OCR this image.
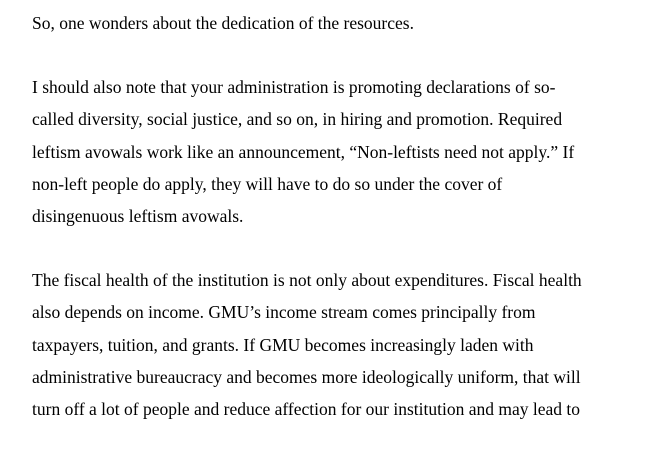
So, one wonders about the dedication of the resources.
I should also note that your administration is promoting declarations of so-
called diversity, social justice, and so on, in hiring and promotion. Required
leftism avowals work like an announcement, “Non-leftists need not apply.” If
non-left people do apply, they will have to do so under the cover of
disingenuous leftism avowals.
The fiscal health of the institution is not only about expenditures. Fiscal health
also depends on income. GMU’s income stream comes principally from
taxpayers, tuition, and grants. If GMU becomes increasingly laden with
administrative bureaucracy and becomes more ideologically uniform, that will
turn off a lot of people and reduce affection for our institution and may lead to
